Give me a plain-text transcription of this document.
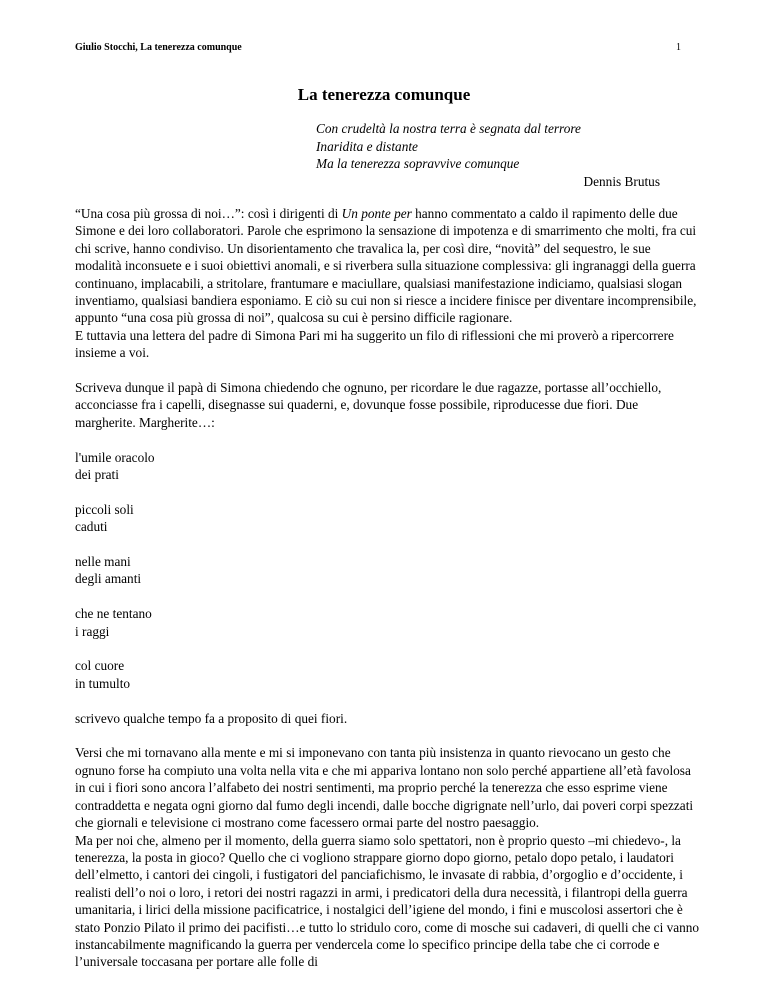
Giulio Stocchi, La tenerezza comunque	1
La tenerezza comunque
Con crudeltà la nostra terra è segnata dal terrore
Inaridita e distante
Ma la tenerezza sopravvive comunque
Dennis Brutus

“Una cosa più grossa di noi…”: così i dirigenti di Un ponte per hanno commentato a caldo il rapimento delle due Simone e dei loro collaboratori. Parole che esprimono la sensazione di impotenza e di smarrimento che molti, fra cui chi scrive, hanno condiviso. Un disorientamento che travalica la, per così dire, “novità” del sequestro, le sue modalità inconsuete e i suoi obiettivi anomali, e si riverbera sulla situazione complessiva: gli ingranaggi della guerra continuano, implacabili, a stritolare, frantumare e maciullare, qualsiasi manifestazione indiciamo, qualsiasi slogan inventiamo, qualsiasi bandiera esponiamo. E ciò su cui non si riesce a incidere finisce per diventare incomprensibile, appunto “una cosa più grossa di noi”, qualcosa su cui è persino difficile ragionare.

E tuttavia una lettera del padre di Simona Pari mi ha suggerito un filo di riflessioni che mi proverò a ripercorrere insieme a voi.

Scriveva dunque il papà di Simona chiedendo che ognuno, per ricordare le due ragazze, portasse all’occhiello, acconciasse fra i capelli, disegnasse sui quaderni, e, dovunque fosse possibile, riproducesse due fiori. Due margherite. Margherite…:

l'umile oracolo
dei prati

piccoli soli
caduti

nelle mani
degli amanti

che ne tentano
i raggi

col cuore
in tumulto

scrivevo qualche tempo fa a proposito di quei fiori.

Versi che mi tornavano alla mente e mi si imponevano con tanta più insistenza in quanto rievocano un gesto che ognuno forse ha compiuto una volta nella vita e che mi appariva lontano non solo perché appartiene all’età favolosa in cui i fiori sono ancora l’alfabeto dei nostri sentimenti, ma proprio perché la tenerezza che esso esprime viene contraddetta e negata ogni giorno dal fumo degli incendi, dalle bocche digrignate nell’urlo, dai poveri corpi spezzati che giornali e televisione ci mostrano come facessero ormai parte del nostro paesaggio.

Ma per noi che, almeno per il momento, della guerra siamo solo spettatori, non è proprio questo –mi chiedevo-, la tenerezza, la posta in gioco? Quello che ci vogliono strappare giorno dopo giorno, petalo dopo petalo, i laudatori dell’elmetto, i cantori dei cingoli, i fustigatori del panciafichismo, le invasate di rabbia, d’orgoglio e d’occidente, i realisti dell’o noi o loro, i retori dei nostri ragazzi in armi, i predicatori della dura necessità, i filantropi della guerra umanitaria, i lirici della missione pacificatrice, i nostalgici dell’igiene del mondo, i fini e muscolosi assertori che è stato Ponzio Pilato il primo dei pacifisti…e tutto lo stridulo coro, come di mosche sui cadaveri, di quelli che ci vanno instancabilmente magnificando la guerra per vendercela come lo specifico principe della tabe che ci corrode e l’universale toccasana per portare alle folle di
